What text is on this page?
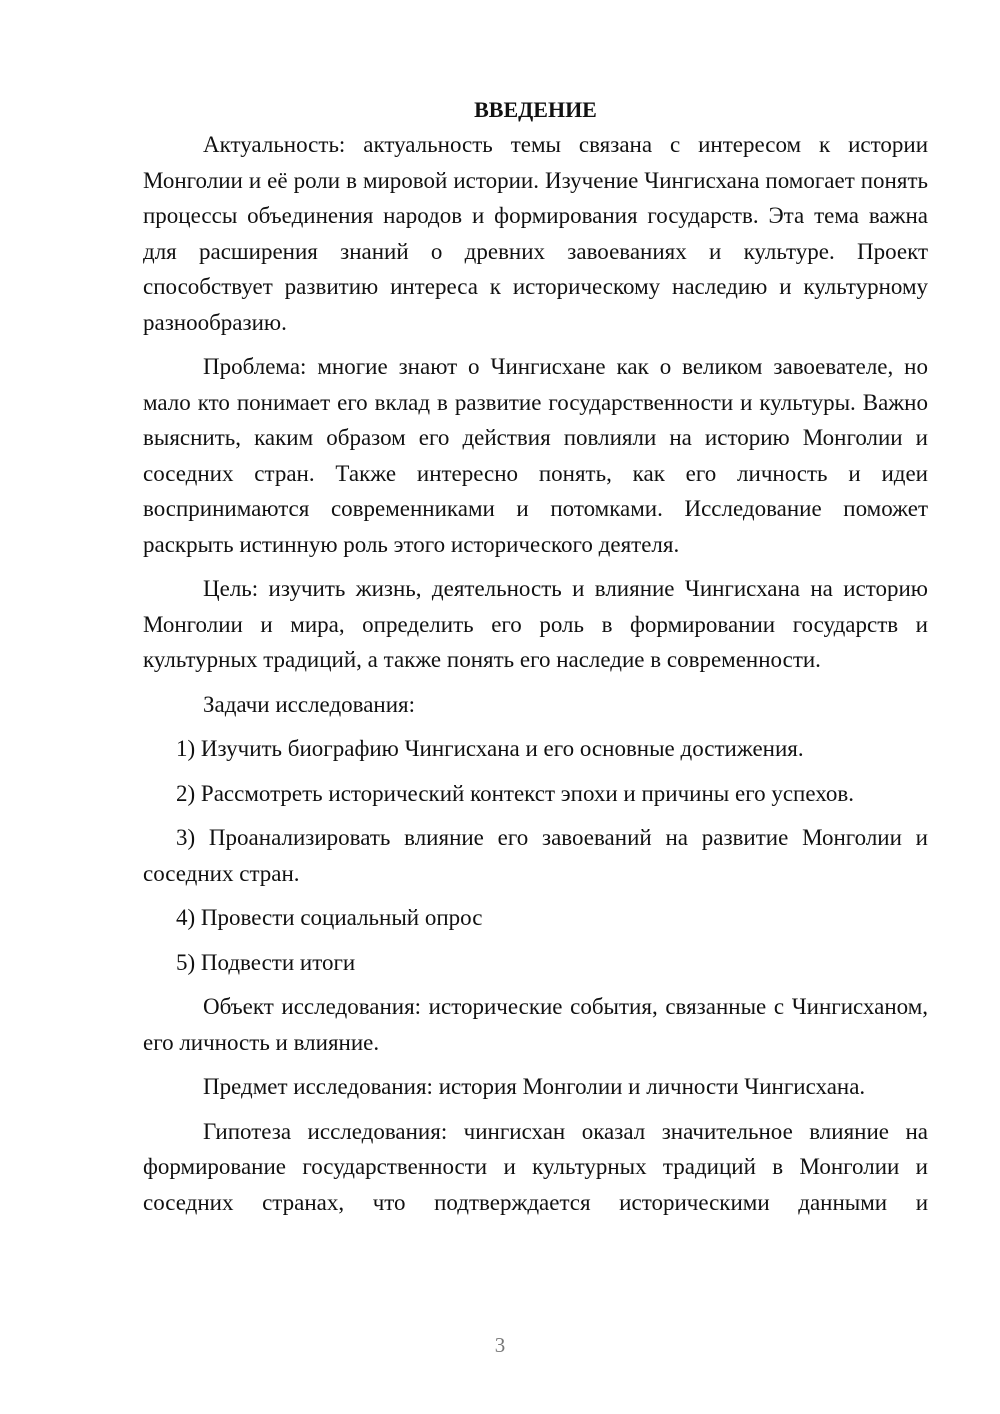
ВВЕДЕНИЕ

Актуальность: актуальность темы связана с интересом к истории Монголии и её роли в мировой истории. Изучение Чингисхана помогает понять процессы объединения народов и формирования государств. Эта тема важна для расширения знаний о древних завоеваниях и культуре. Проект способствует развитию интереса к историческому наследию и культурному разнообразию.

Проблема: многие знают о Чингисхане как о великом завоевателе, но мало кто понимает его вклад в развитие государственности и культуры. Важно выяснить, каким образом его действия повлияли на историю Монголии и соседних стран. Также интересно понять, как его личность и идеи воспринимаются современниками и потомками. Исследование поможет раскрыть истинную роль этого исторического деятеля.

Цель: изучить жизнь, деятельность и влияние Чингисхана на историю Монголии и мира, определить его роль в формировании государств и культурных традиций, а также понять его наследие в современности.

Задачи исследования:

1) Изучить биографию Чингисхана и его основные достижения.

2) Рассмотреть исторический контекст эпохи и причины его успехов.

3) Проанализировать влияние его завоеваний на развитие Монголии и соседних стран.

4) Провести социальный опрос

5) Подвести итоги

Объект исследования: исторические события, связанные с Чингисханом, его личность и влияние.

Предмет исследования: история Монголии и личности Чингисхана.

Гипотеза исследования: чингисхан оказал значительное влияние на формирование государственности и культурных традиций в Монголии и соседних странах, что подтверждается историческими данными и

3
